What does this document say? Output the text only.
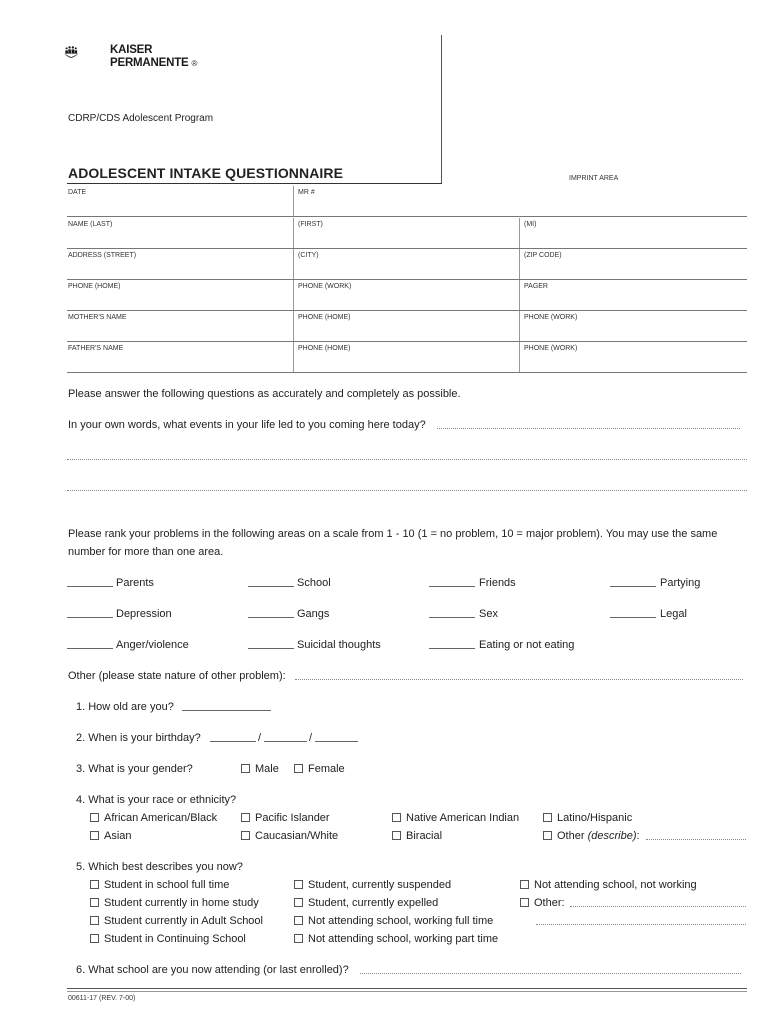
KAISER
PERMANENTE ®
CDRP/CDS Adolescent Program
ADOLESCENT INTAKE QUESTIONNAIRE	IMPRINT AREA
DATE	MR #
NAME (LAST)	(FIRST)	(MI)
ADDRESS (STREET)	(CITY)	(ZIP CODE)
PHONE (HOME)	PHONE (WORK)	PAGER
MOTHER'S NAME	PHONE (HOME)	PHONE (WORK)
FATHER'S NAME	PHONE (HOME)	PHONE (WORK)
Please answer the following questions as accurately and completely as possible.
In your own words, what events in your life led to you coming here today?
Please rank your problems in the following areas on a scale from 1 - 10 (1 = no problem, 10 = major problem). You may use the same
number for more than one area.
Parents	School	Friends	Partying
Depression	Gangs	Sex	Legal
Anger/violence	Suicidal thoughts	Eating or not eating
Other (please state nature of other problem):
1. How old are you?
2. When is your birthday?	/	/
3. What is your gender?	Male	Female
4. What is your race or ethnicity?
African American/Black	Pacific Islander	Native American Indian	Latino/Hispanic
Asian	Caucasian/White	Biracial	Other (describe):
5. Which best describes you now?
Student in school full time
Student currently in home study
Student currently in Adult School
Student in Continuing School
Student, currently suspended
Student, currently expelled
Not attending school, working full time
Not attending school, working part time
Not attending school, not working
Other:
6. What school are you now attending (or last enrolled)?
00611-17 (REV. 7-00)
